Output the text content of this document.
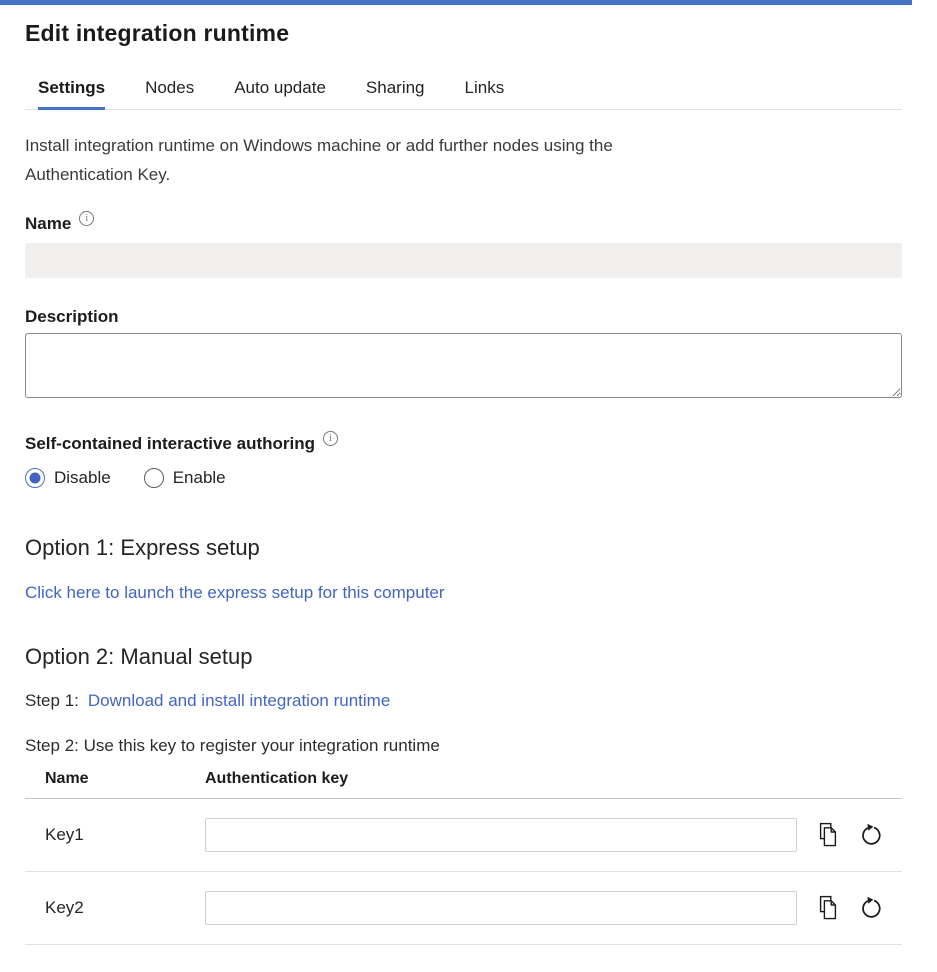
Edit integration runtime
Settings Nodes Auto update Sharing Links
Install integration runtime on Windows machine or add further nodes using the
Authentication Key.
Name	i
Description
Self-contained interactive authoring	i
Disable	Enable
Option 1: Express setup
Click here to launch the express setup for this computer
Option 2: Manual setup
Step 1: Download and install integration runtime
Step 2: Use this key to register your integration runtime
Name	Authentication key
Key1
Key2
